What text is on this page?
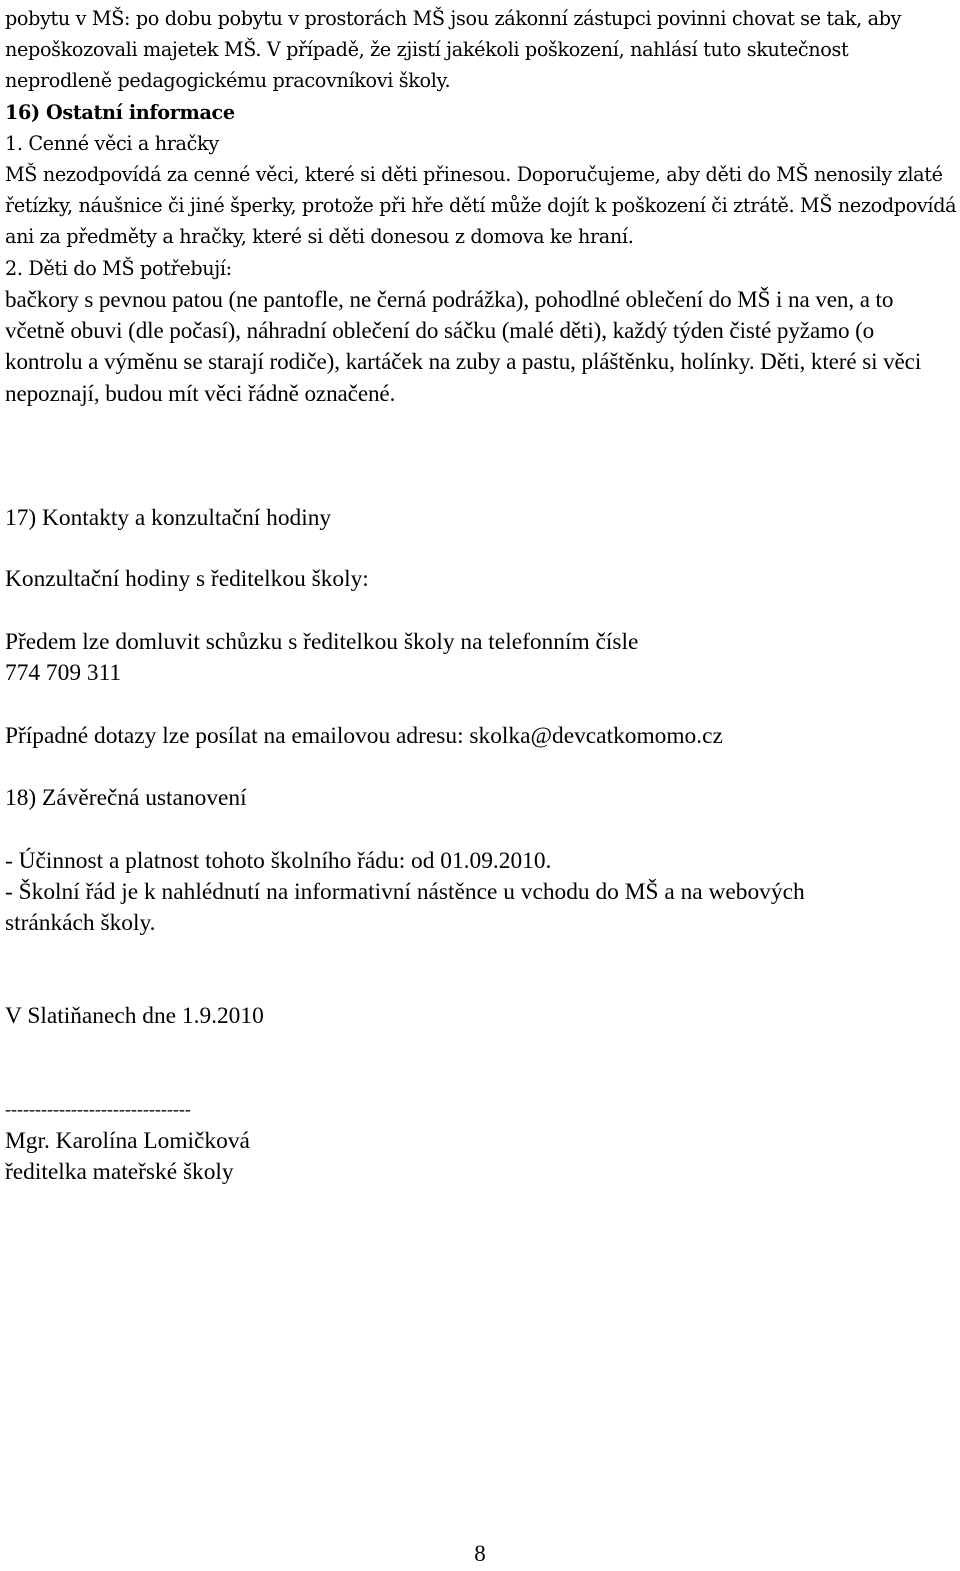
pobytu v MŠ: po dobu pobytu v prostorách MŠ jsou zákonní zástupci povinni chovat se tak, aby nepoškozovali majetek MŠ. V případě, že zjistí jakékoli poškození, nahlásí tuto skutečnost neprodleně pedagogickému pracovníkovi školy.

16) Ostatní informace

1. Cenné věci a hračky

MŠ nezodpovídá za cenné věci, které si děti přinesou. Doporučujeme, aby děti do MŠ nenosily zlaté řetízky, náušnice či jiné šperky, protože při hře dětí může dojít k poškození či ztrátě. MŠ nezodpovídá ani za předměty a hračky, které si děti donesou z domova ke hraní.

2. Děti do MŠ potřebují:

bačkory s pevnou patou (ne pantofle, ne černá podrážka), pohodlné oblečení do MŠ i na ven, a to včetně obuvi (dle počasí), náhradní oblečení do sáčku (malé děti), každý týden čisté pyžamo (o kontrolu a výměnu se starají rodiče), kartáček na zuby a pastu, pláštěnku, holínky. Děti, které si věci nepoznají, budou mít věci řádně označené.

17) Kontakty a konzultační hodiny
Konzultační hodiny s ředitelkou školy:
Předem lze domluvit schůzku s ředitelkou školy na telefonním čísle
774 709 311
Případné dotazy lze posílat na emailovou adresu: skolka@devcatkomomo.cz
18) Závěrečná ustanovení
- Účinnost a platnost tohoto školního řádu: od 01.09.2010.
- Školní řád je k nahlédnutí na informativní nástěnce u vchodu do MŠ a na webových
stránkách školy.
V Slatiňanech dne 1.9.2010
-------------------------------
Mgr. Karolína Lomičková
ředitelka mateřské školy
8
